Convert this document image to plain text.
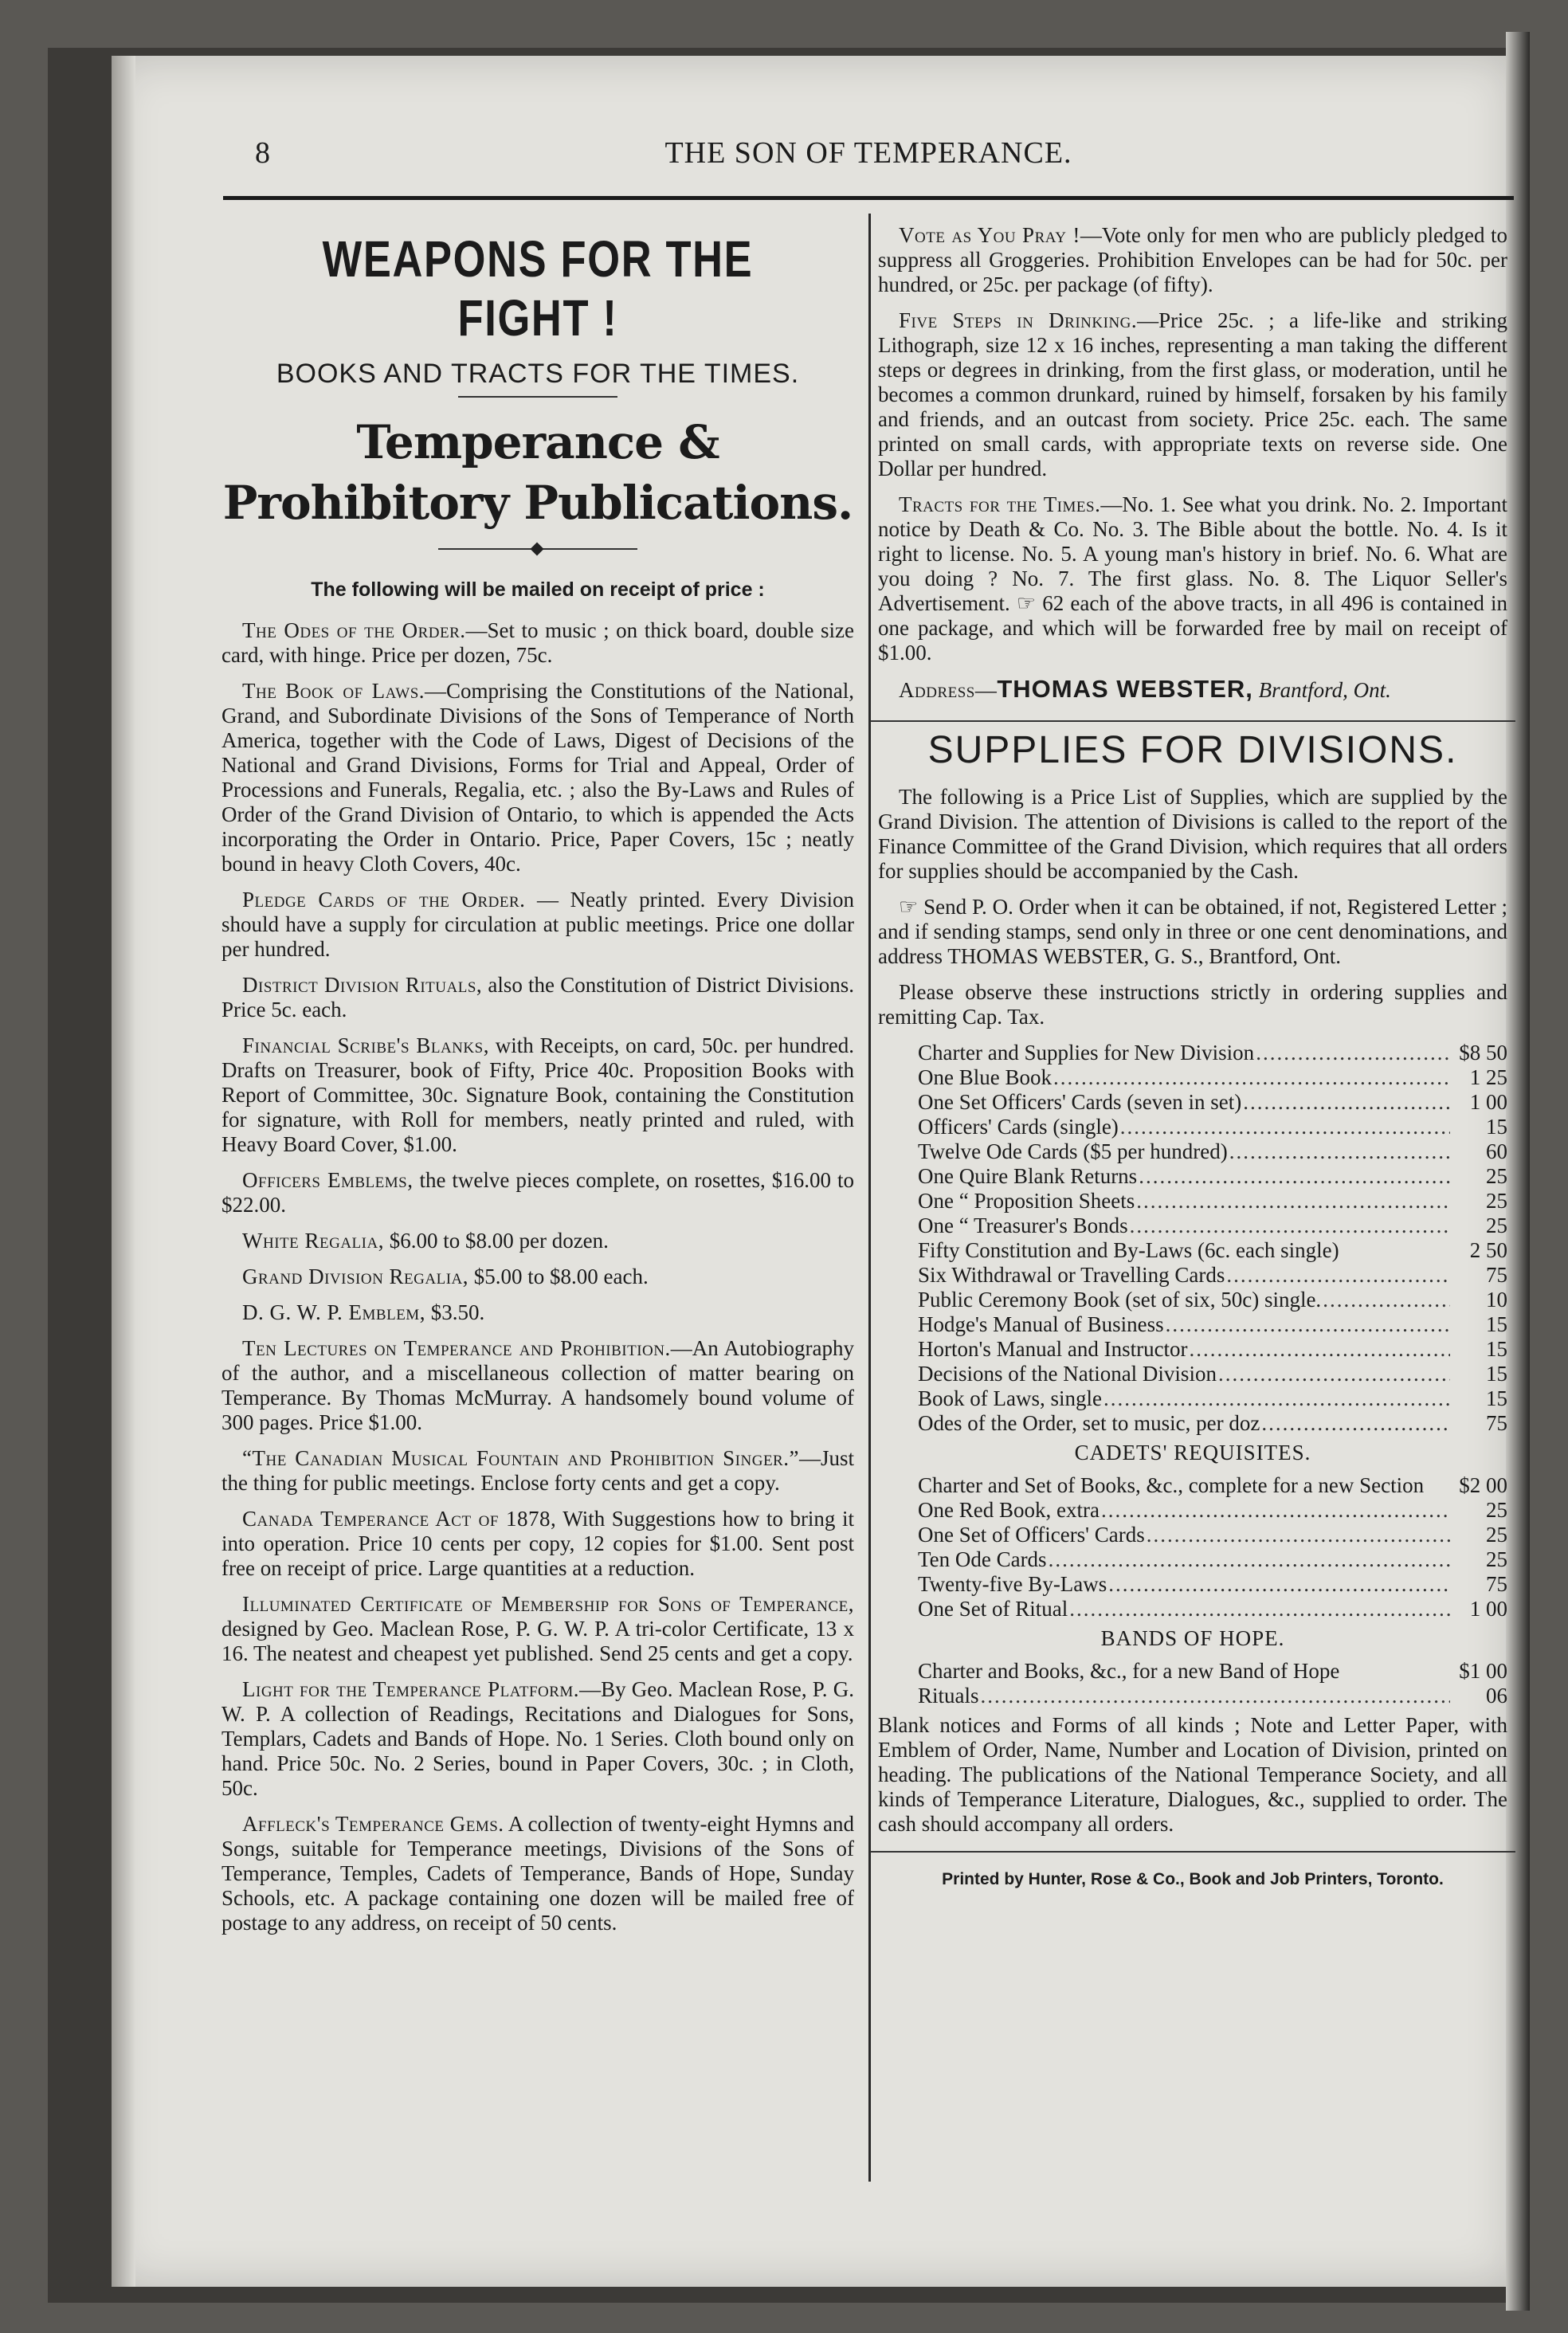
8	THE SON OF TEMPERANCE.
WEAPONS FOR THE FIGHT !
BOOKS AND TRACTS FOR THE TIMES.
Temperance & Prohibitory Publications.
The following will be mailed on receipt of price :

The Odes of the Order.—Set to music ; on thick board, double size card, with hinge. Price per dozen, 75c.

The Book of Laws.—Comprising the Constitutions of the National, Grand, and Subordinate Divisions of the Sons of Temperance of North America, together with the Code of Laws, Digest of Decisions of the National and Grand Divisions, Forms for Trial and Appeal, Order of Processions and Funerals, Regalia, etc. ; also the By-Laws and Rules of Order of the Grand Division of Ontario, to which is appended the Acts incorporating the Order in Ontario. Price, Paper Covers, 15c ; neatly bound in heavy Cloth Covers, 40c.

Pledge Cards of the Order. — Neatly printed. Every Division should have a supply for circulation at public meetings. Price one dollar per hundred.

District Division Rituals, also the Constitution of District Divisions. Price 5c. each.

Financial Scribe's Blanks, with Receipts, on card, 50c. per hundred. Drafts on Treasurer, book of Fifty, Price 40c. Proposition Books with Report of Committee, 30c. Signature Book, containing the Constitution for signature, with Roll for members, neatly printed and ruled, with Heavy Board Cover, $1.00.

Officers Emblems, the twelve pieces complete, on rosettes, $16.00 to $22.00.

White Regalia, $6.00 to $8.00 per dozen.

Grand Division Regalia, $5.00 to $8.00 each.

D. G. W. P. Emblem, $3.50.

Ten Lectures on Temperance and Prohibition.—An Autobiography of the author, and a miscellaneous collection of matter bearing on Temperance. By Thomas McMurray. A handsomely bound volume of 300 pages. Price $1.00.

“The Canadian Musical Fountain and Prohibition Singer.”—Just the thing for public meetings. Enclose forty cents and get a copy.

Canada Temperance Act of 1878, With Suggestions how to bring it into operation. Price 10 cents per copy, 12 copies for $1.00. Sent post free on receipt of price. Large quantities at a reduction.

Illuminated Certificate of Membership for Sons of Temperance, designed by Geo. Maclean Rose, P. G. W. P. A tri-color Certificate, 13 x 16. The neatest and cheapest yet published. Send 25 cents and get a copy.

Light for the Temperance Platform.—By Geo. Maclean Rose, P. G. W. P. A collection of Readings, Recitations and Dialogues for Sons, Templars, Cadets and Bands of Hope. No. 1 Series. Cloth bound only on hand. Price 50c. No. 2 Series, bound in Paper Covers, 30c. ; in Cloth, 50c.

Affleck's Temperance Gems. A collection of twenty-eight Hymns and Songs, suitable for Temperance meetings, Divisions of the Sons of Temperance, Temples, Cadets of Temperance, Bands of Hope, Sunday Schools, etc. A package containing one dozen will be mailed free of postage to any address, on receipt of 50 cents.

Vote as You Pray !—Vote only for men who are publicly pledged to suppress all Groggeries. Prohibition Envelopes can be had for 50c. per hundred, or 25c. per package (of fifty).

Five Steps in Drinking.—Price 25c. ; a life-like and striking Lithograph, size 12 x 16 inches, representing a man taking the different steps or degrees in drinking, from the first glass, or moderation, until he becomes a common drunkard, ruined by himself, forsaken by his family and friends, and an outcast from society. Price 25c. each. The same printed on small cards, with appropriate texts on reverse side. One Dollar per hundred.

Tracts for the Times.—No. 1. See what you drink. No. 2. Important notice by Death & Co. No. 3. The Bible about the bottle. No. 4. Is it right to license. No. 5. A young man's history in brief. No. 6. What are you doing ? No. 7. The first glass. No. 8. The Liquor Seller's Advertisement. ☞ 62 each of the above tracts, in all 496 is contained in one package, and which will be forwarded free by mail on receipt of $1.00.

Address—THOMAS WEBSTER, Brantford, Ont.

SUPPLIES FOR DIVISIONS.

The following is a Price List of Supplies, which are supplied by the Grand Division. The attention of Divisions is called to the report of the Finance Committee of the Grand Division, which requires that all orders for supplies should be accompanied by the Cash.

☞ Send P. O. Order when it can be obtained, if not, Registered Letter ; and if sending stamps, send only in three or one cent denominations, and address THOMAS WEBSTER, G. S., Brantford, Ont.

Please observe these instructions strictly in ordering supplies and remitting Cap. Tax.

Charter and Supplies for New Division .....	$8 50
One Blue Book .....	1 25
One Set Officers' Cards (seven in set) .....	1 00
Officers' Cards (single) .....	15
Twelve Ode Cards ($5 per hundred) .....	60
One Quire Blank Returns .....	25
One “ Proposition Sheets .....	25
One “ Treasurer's Bonds .....	25
Fifty Constitution and By-Laws (6c. each single)	2 50
Six Withdrawal or Travelling Cards .....	75
Public Ceremony Book (set of six, 50c) single. .....	10
Hodge's Manual of Business .....	15
Horton's Manual and Instructor .....	15
Decisions of the National Division .....	15
Book of Laws, single .....	15
Odes of the Order, set to music, per doz .....	75
CADETS' REQUISITES.
Charter and Set of Books, &c., complete for a new Section	$2 00
One Red Book, extra .....	25
One Set of Officers' Cards .....	25
Ten Ode Cards .....	25
Twenty-five By-Laws .....	75
One Set of Ritual .....	1 00
BANDS OF HOPE.
Charter and Books, &c., for a new Band of Hope	$1 00
Rituals .....	06

Blank notices and Forms of all kinds ; Note and Letter Paper, with Emblem of Order, Name, Number and Location of Division, printed on heading. The publications of the National Temperance Society, and all kinds of Temperance Literature, Dialogues, &c., supplied to order. The cash should accompany all orders.

Printed by Hunter, Rose & Co., Book and Job Printers, Toronto.
